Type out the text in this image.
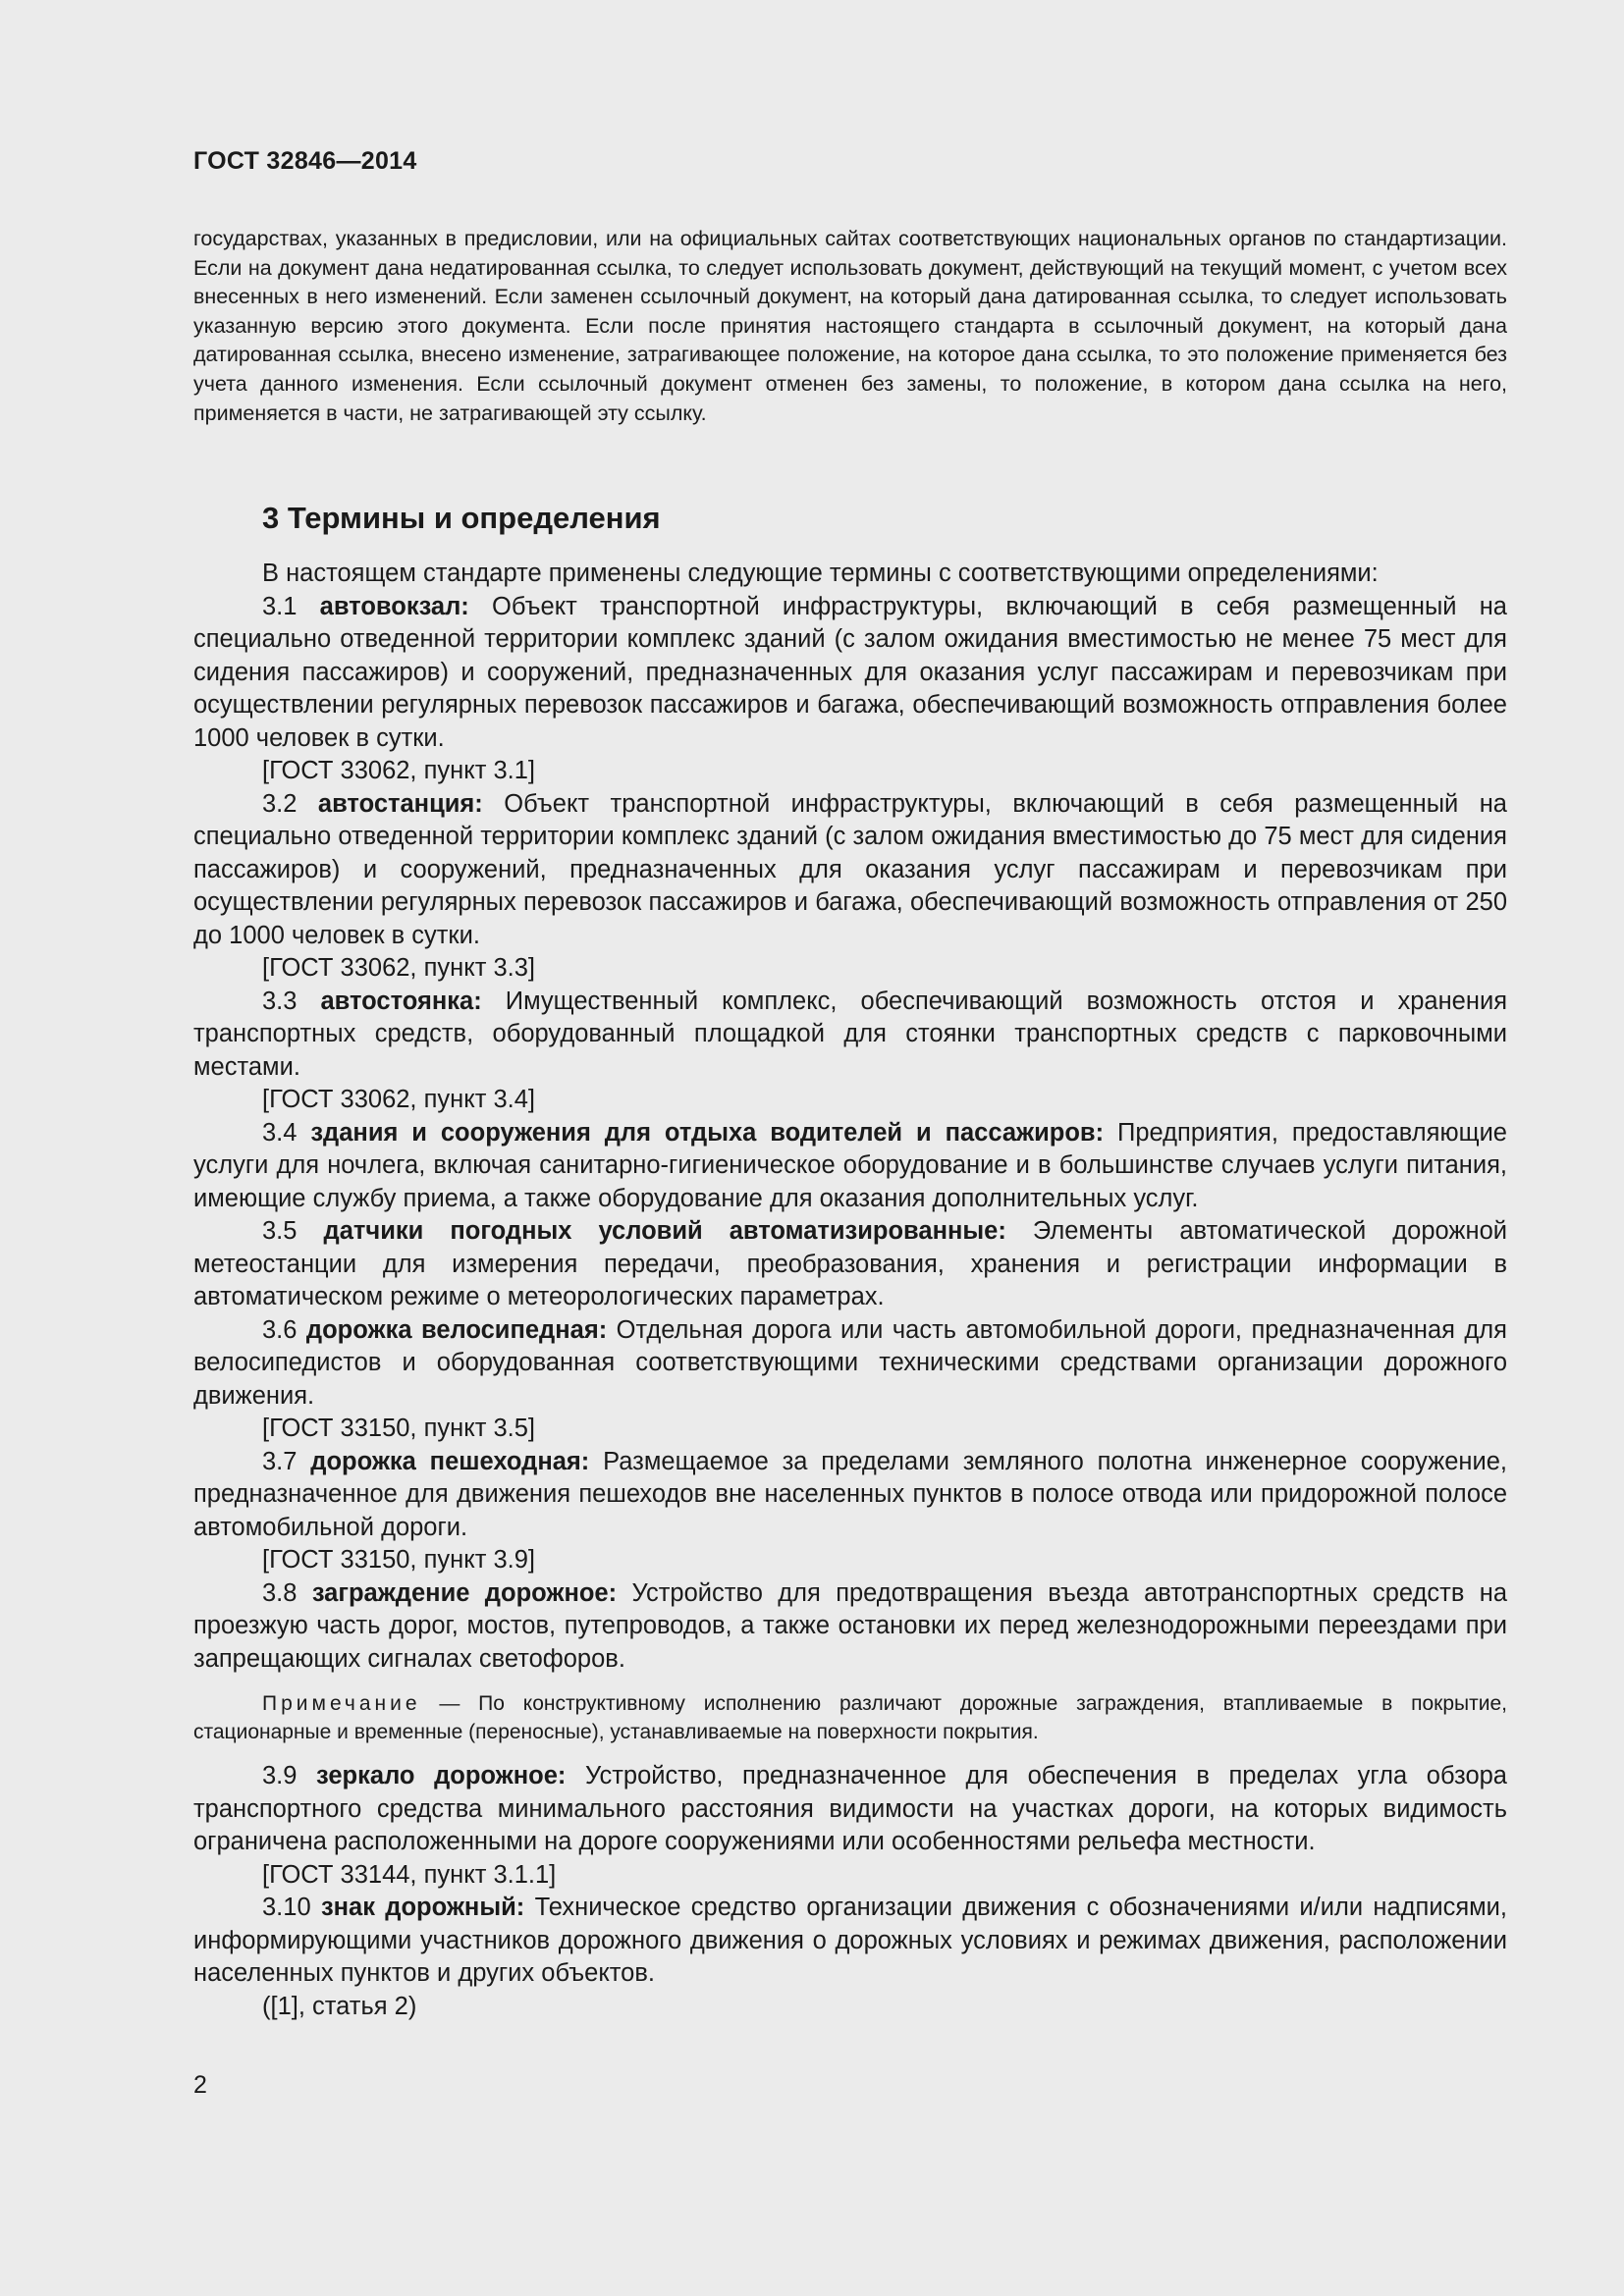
ГОСТ 32846—2014
государствах, указанных в предисловии, или на официальных сайтах соответствующих национальных органов по стандартизации. Если на документ дана недатированная ссылка, то следует использовать документ, действующий на текущий момент, с учетом всех внесенных в него изменений. Если заменен ссылочный документ, на который дана датированная ссылка, то следует использовать указанную версию этого документа. Если после принятия настоящего стандарта в ссылочный документ, на который дана датированная ссылка, внесено изменение, затрагивающее положение, на которое дана ссылка, то это положение применяется без учета данного изменения. Если ссылочный документ отменен без замены, то положение, в котором дана ссылка на него, применяется в части, не затрагивающей эту ссылку.
3 Термины и определения

В настоящем стандарте применены следующие термины с соответствующими определениями:

3.1 автовокзал: Объект транспортной инфраструктуры, включающий в себя размещенный на специально отведенной территории комплекс зданий (с залом ожидания вместимостью не менее 75 мест для сидения пассажиров) и сооружений, предназначенных для оказания услуг пассажирам и перевозчикам при осуществлении регулярных перевозок пассажиров и багажа, обеспечивающий возможность отправления более 1000 человек в сутки.

[ГОСТ 33062, пункт 3.1]

3.2 автостанция: Объект транспортной инфраструктуры, включающий в себя размещенный на специально отведенной территории комплекс зданий (с залом ожидания вместимостью до 75 мест для сидения пассажиров) и сооружений, предназначенных для оказания услуг пассажирам и перевозчикам при осуществлении регулярных перевозок пассажиров и багажа, обеспечивающий возможность отправления от 250 до 1000 человек в сутки.

[ГОСТ 33062, пункт 3.3]

3.3 автостоянка: Имущественный комплекс, обеспечивающий возможность отстоя и хранения транспортных средств, оборудованный площадкой для стоянки транспортных средств с парковочными местами.

[ГОСТ 33062, пункт 3.4]

3.4 здания и сооружения для отдыха водителей и пассажиров: Предприятия, предоставляющие услуги для ночлега, включая санитарно-гигиеническое оборудование и в большинстве случаев услуги питания, имеющие службу приема, а также оборудование для оказания дополнительных услуг.

3.5 датчики погодных условий автоматизированные: Элементы автоматической дорожной метеостанции для измерения передачи, преобразования, хранения и регистрации информации в автоматическом режиме о метеорологических параметрах.

3.6 дорожка велосипедная: Отдельная дорога или часть автомобильной дороги, предназначенная для велосипедистов и оборудованная соответствующими техническими средствами организации дорожного движения.

[ГОСТ 33150, пункт 3.5]

3.7 дорожка пешеходная: Размещаемое за пределами земляного полотна инженерное сооружение, предназначенное для движения пешеходов вне населенных пунктов в полосе отвода или придорожной полосе автомобильной дороги.

[ГОСТ 33150, пункт 3.9]

3.8 заграждение дорожное: Устройство для предотвращения въезда автотранспортных средств на проезжую часть дорог, мостов, путепроводов, а также остановки их перед железнодорожными переездами при запрещающих сигналах светофоров.

Примечание — По конструктивному исполнению различают дорожные заграждения, втапливаемые в покрытие, стационарные и временные (переносные), устанавливаемые на поверхности покрытия.

3.9 зеркало дорожное: Устройство, предназначенное для обеспечения в пределах угла обзора транспортного средства минимального расстояния видимости на участках дороги, на которых видимость ограничена расположенными на дороге сооружениями или особенностями рельефа местности.

[ГОСТ 33144, пункт 3.1.1]

3.10 знак дорожный: Техническое средство организации движения с обозначениями и/или надписями, информирующими участников дорожного движения о дорожных условиях и режимах движения, расположении населенных пунктов и других объектов.

([1], статья 2)

2
